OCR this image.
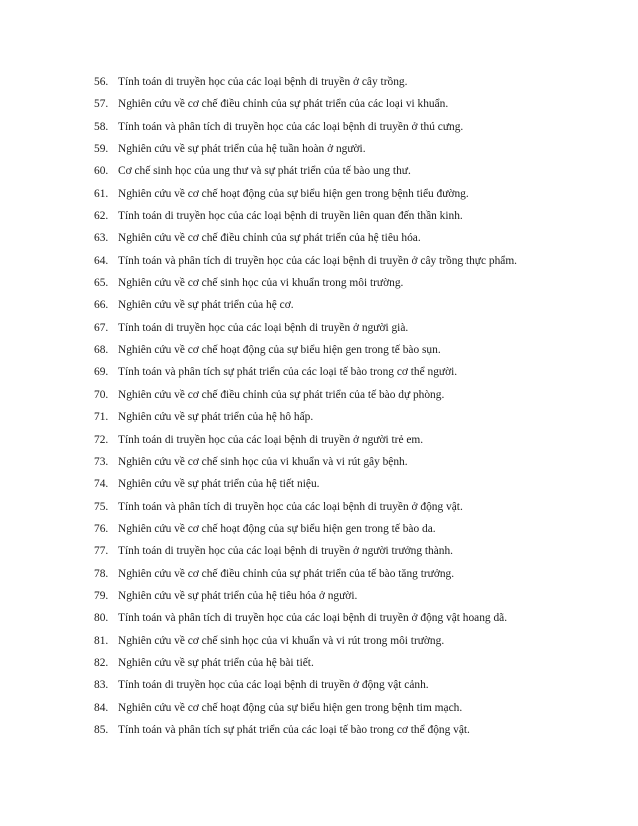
56. Tính toán di truyền học của các loại bệnh di truyền ở cây trồng.
57. Nghiên cứu về cơ chế điều chỉnh của sự phát triển của các loại vi khuẩn.
58. Tính toán và phân tích di truyền học của các loại bệnh di truyền ở thú cưng.
59. Nghiên cứu về sự phát triển của hệ tuần hoàn ở người.
60. Cơ chế sinh học của ung thư và sự phát triển của tế bào ung thư.
61. Nghiên cứu về cơ chế hoạt động của sự biểu hiện gen trong bệnh tiểu đường.
62. Tính toán di truyền học của các loại bệnh di truyền liên quan đến thần kinh.
63. Nghiên cứu về cơ chế điều chỉnh của sự phát triển của hệ tiêu hóa.
64. Tính toán và phân tích di truyền học của các loại bệnh di truyền ở cây trồng thực phẩm.
65. Nghiên cứu về cơ chế sinh học của vi khuẩn trong môi trường.
66. Nghiên cứu về sự phát triển của hệ cơ.
67. Tính toán di truyền học của các loại bệnh di truyền ở người già.
68. Nghiên cứu về cơ chế hoạt động của sự biểu hiện gen trong tế bào sụn.
69. Tính toán và phân tích sự phát triển của các loại tế bào trong cơ thể người.
70. Nghiên cứu về cơ chế điều chỉnh của sự phát triển của tế bào dự phòng.
71. Nghiên cứu về sự phát triển của hệ hô hấp.
72. Tính toán di truyền học của các loại bệnh di truyền ở người trẻ em.
73. Nghiên cứu về cơ chế sinh học của vi khuẩn và vi rút gây bệnh.
74. Nghiên cứu về sự phát triển của hệ tiết niệu.
75. Tính toán và phân tích di truyền học của các loại bệnh di truyền ở động vật.
76. Nghiên cứu về cơ chế hoạt động của sự biểu hiện gen trong tế bào da.
77. Tính toán di truyền học của các loại bệnh di truyền ở người trưởng thành.
78. Nghiên cứu về cơ chế điều chỉnh của sự phát triển của tế bào tăng trưởng.
79. Nghiên cứu về sự phát triển của hệ tiêu hóa ở người.
80. Tính toán và phân tích di truyền học của các loại bệnh di truyền ở động vật hoang dã.
81. Nghiên cứu về cơ chế sinh học của vi khuẩn và vi rút trong môi trường.
82. Nghiên cứu về sự phát triển của hệ bài tiết.
83. Tính toán di truyền học của các loại bệnh di truyền ở động vật cảnh.
84. Nghiên cứu về cơ chế hoạt động của sự biểu hiện gen trong bệnh tim mạch.
85. Tính toán và phân tích sự phát triển của các loại tế bào trong cơ thể động vật.
